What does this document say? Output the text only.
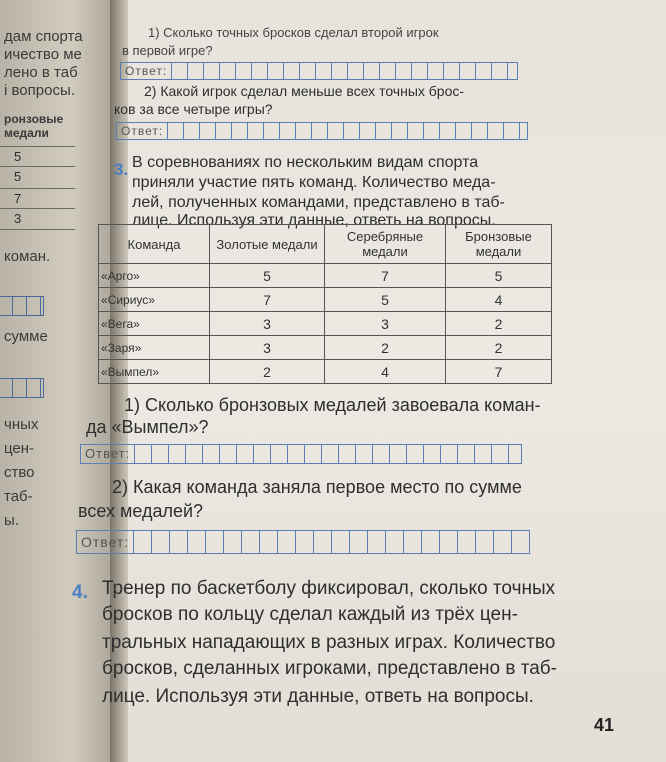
дам спорта
ичество ме
лено в таб
і вопросы.
ронзовые
медали
5
5
7
3
коман.
сумме
чных
цен-
ство
таб-
ы.
1) Сколько точных бросков сделал второй игрок
в первой игре?
Ответ:
2) Какой игрок сделал меньше всех точных брос-
ков за все четыре игры?
Ответ:
3. В соревнованиях по нескольким видам спорта
приняли участие пять команд. Количество меда-
лей, полученных командами, представлено в таб-
лице. Используя эти данные, ответь на вопросы.
Команда	Золотые медали	Серебряные медали	Бронзовые медали
«Арго»	5	7	5
«Сириус»	7	5	4
«Вега»	3	3	2
«Заря»	3	2	2
«Вымпел»	2	4	7
1) Сколько бронзовых медалей завоевала коман-
да «Вымпел»?
Ответ:
2) Какая команда заняла первое место по сумме
всех медалей?
Ответ:
4. Тренер по баскетболу фиксировал, сколько точных
бросков по кольцу сделал каждый из трёх цен-
тральных нападающих в разных играх. Количество
бросков, сделанных игроками, представлено в таб-
лице. Используя эти данные, ответь на вопросы.
41
